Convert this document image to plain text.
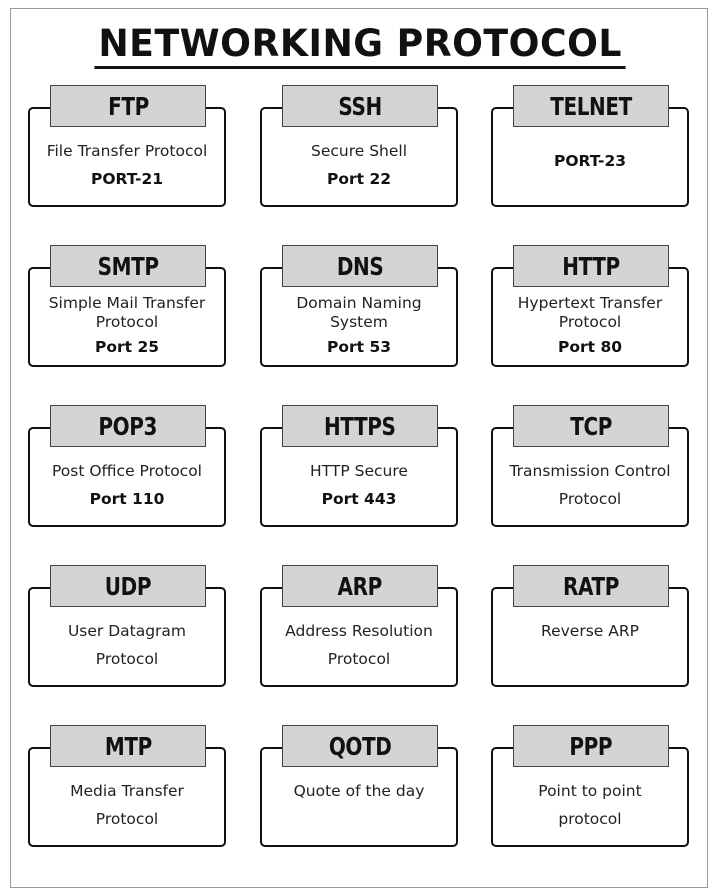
NETWORKING PROTOCOL
FTP
File Transfer Protocol
PORT-21
SSH
Secure Shell
Port 22
TELNET
PORT-23
SMTP
Simple Mail Transfer
Protocol
Port 25
DNS
Domain Naming
System
Port 53
HTTP
Hypertext Transfer
Protocol
Port 80
POP3
Post Office Protocol
Port 110
HTTPS
HTTP Secure
Port 443
TCP
Transmission Control
Protocol
UDP
User Datagram
Protocol
ARP
Address Resolution
Protocol
RATP
Reverse ARP
MTP
Media Transfer
Protocol
QOTD
Quote of the day
PPP
Point to point
protocol
